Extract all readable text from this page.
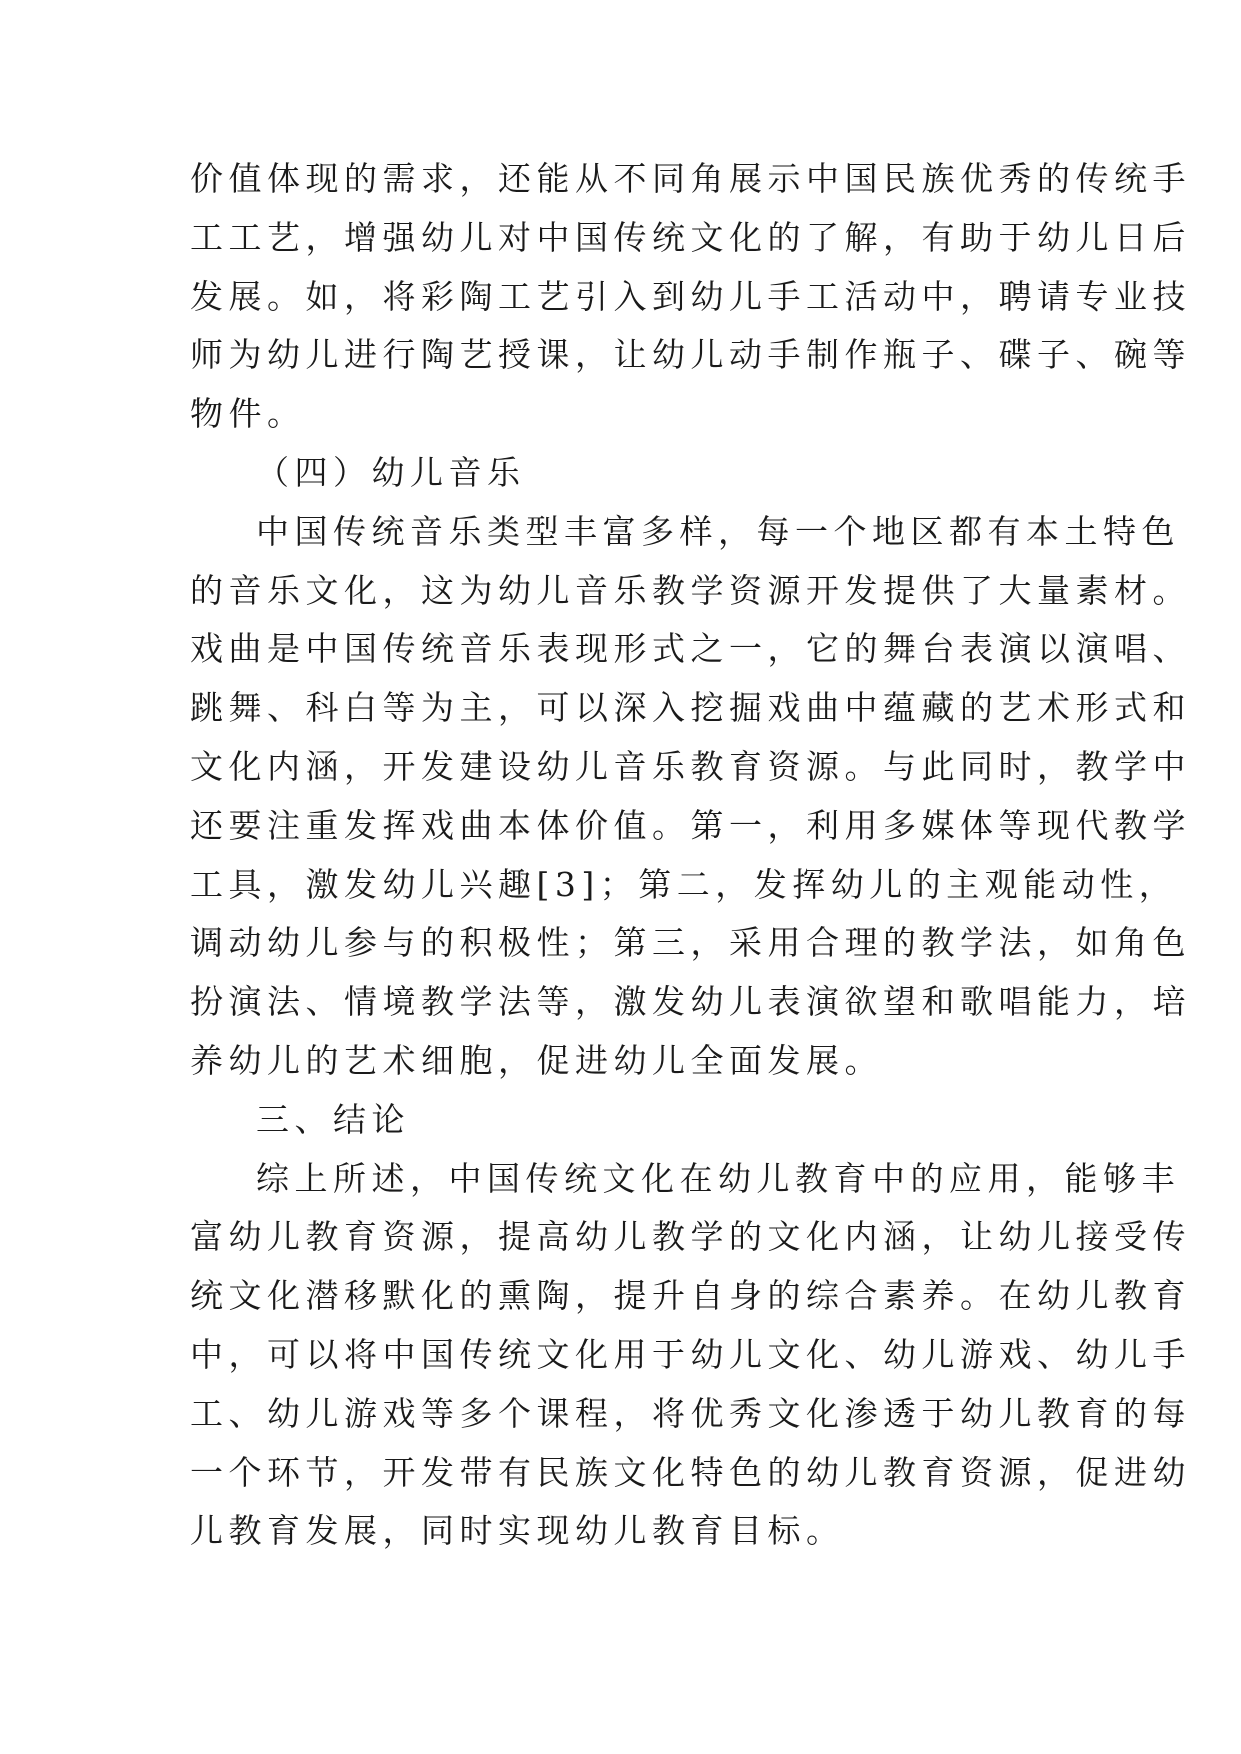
价值体现的需求，还能从不同角展示中国民族优秀的传统手
工工艺，增强幼儿对中国传统文化的了解，有助于幼儿日后
发展。如，将彩陶工艺引入到幼儿手工活动中，聘请专业技
师为幼儿进行陶艺授课，让幼儿动手制作瓶子、碟子、碗等
物件。
（四）幼儿音乐
中国传统音乐类型丰富多样，每一个地区都有本土特色
的音乐文化，这为幼儿音乐教学资源开发提供了大量素材。
戏曲是中国传统音乐表现形式之一，它的舞台表演以演唱、
跳舞、科白等为主，可以深入挖掘戏曲中蕴藏的艺术形式和
文化内涵，开发建设幼儿音乐教育资源。与此同时，教学中
还要注重发挥戏曲本体价值。第一，利用多媒体等现代教学
工具，激发幼儿兴趣[3]；第二，发挥幼儿的主观能动性，
调动幼儿参与的积极性；第三，采用合理的教学法，如角色
扮演法、情境教学法等，激发幼儿表演欲望和歌唱能力，培
养幼儿的艺术细胞，促进幼儿全面发展。
三、结论
综上所述，中国传统文化在幼儿教育中的应用，能够丰
富幼儿教育资源，提高幼儿教学的文化内涵，让幼儿接受传
统文化潜移默化的熏陶，提升自身的综合素养。在幼儿教育
中，可以将中国传统文化用于幼儿文化、幼儿游戏、幼儿手
工、幼儿游戏等多个课程，将优秀文化渗透于幼儿教育的每
一个环节，开发带有民族文化特色的幼儿教育资源，促进幼
儿教育发展，同时实现幼儿教育目标。
